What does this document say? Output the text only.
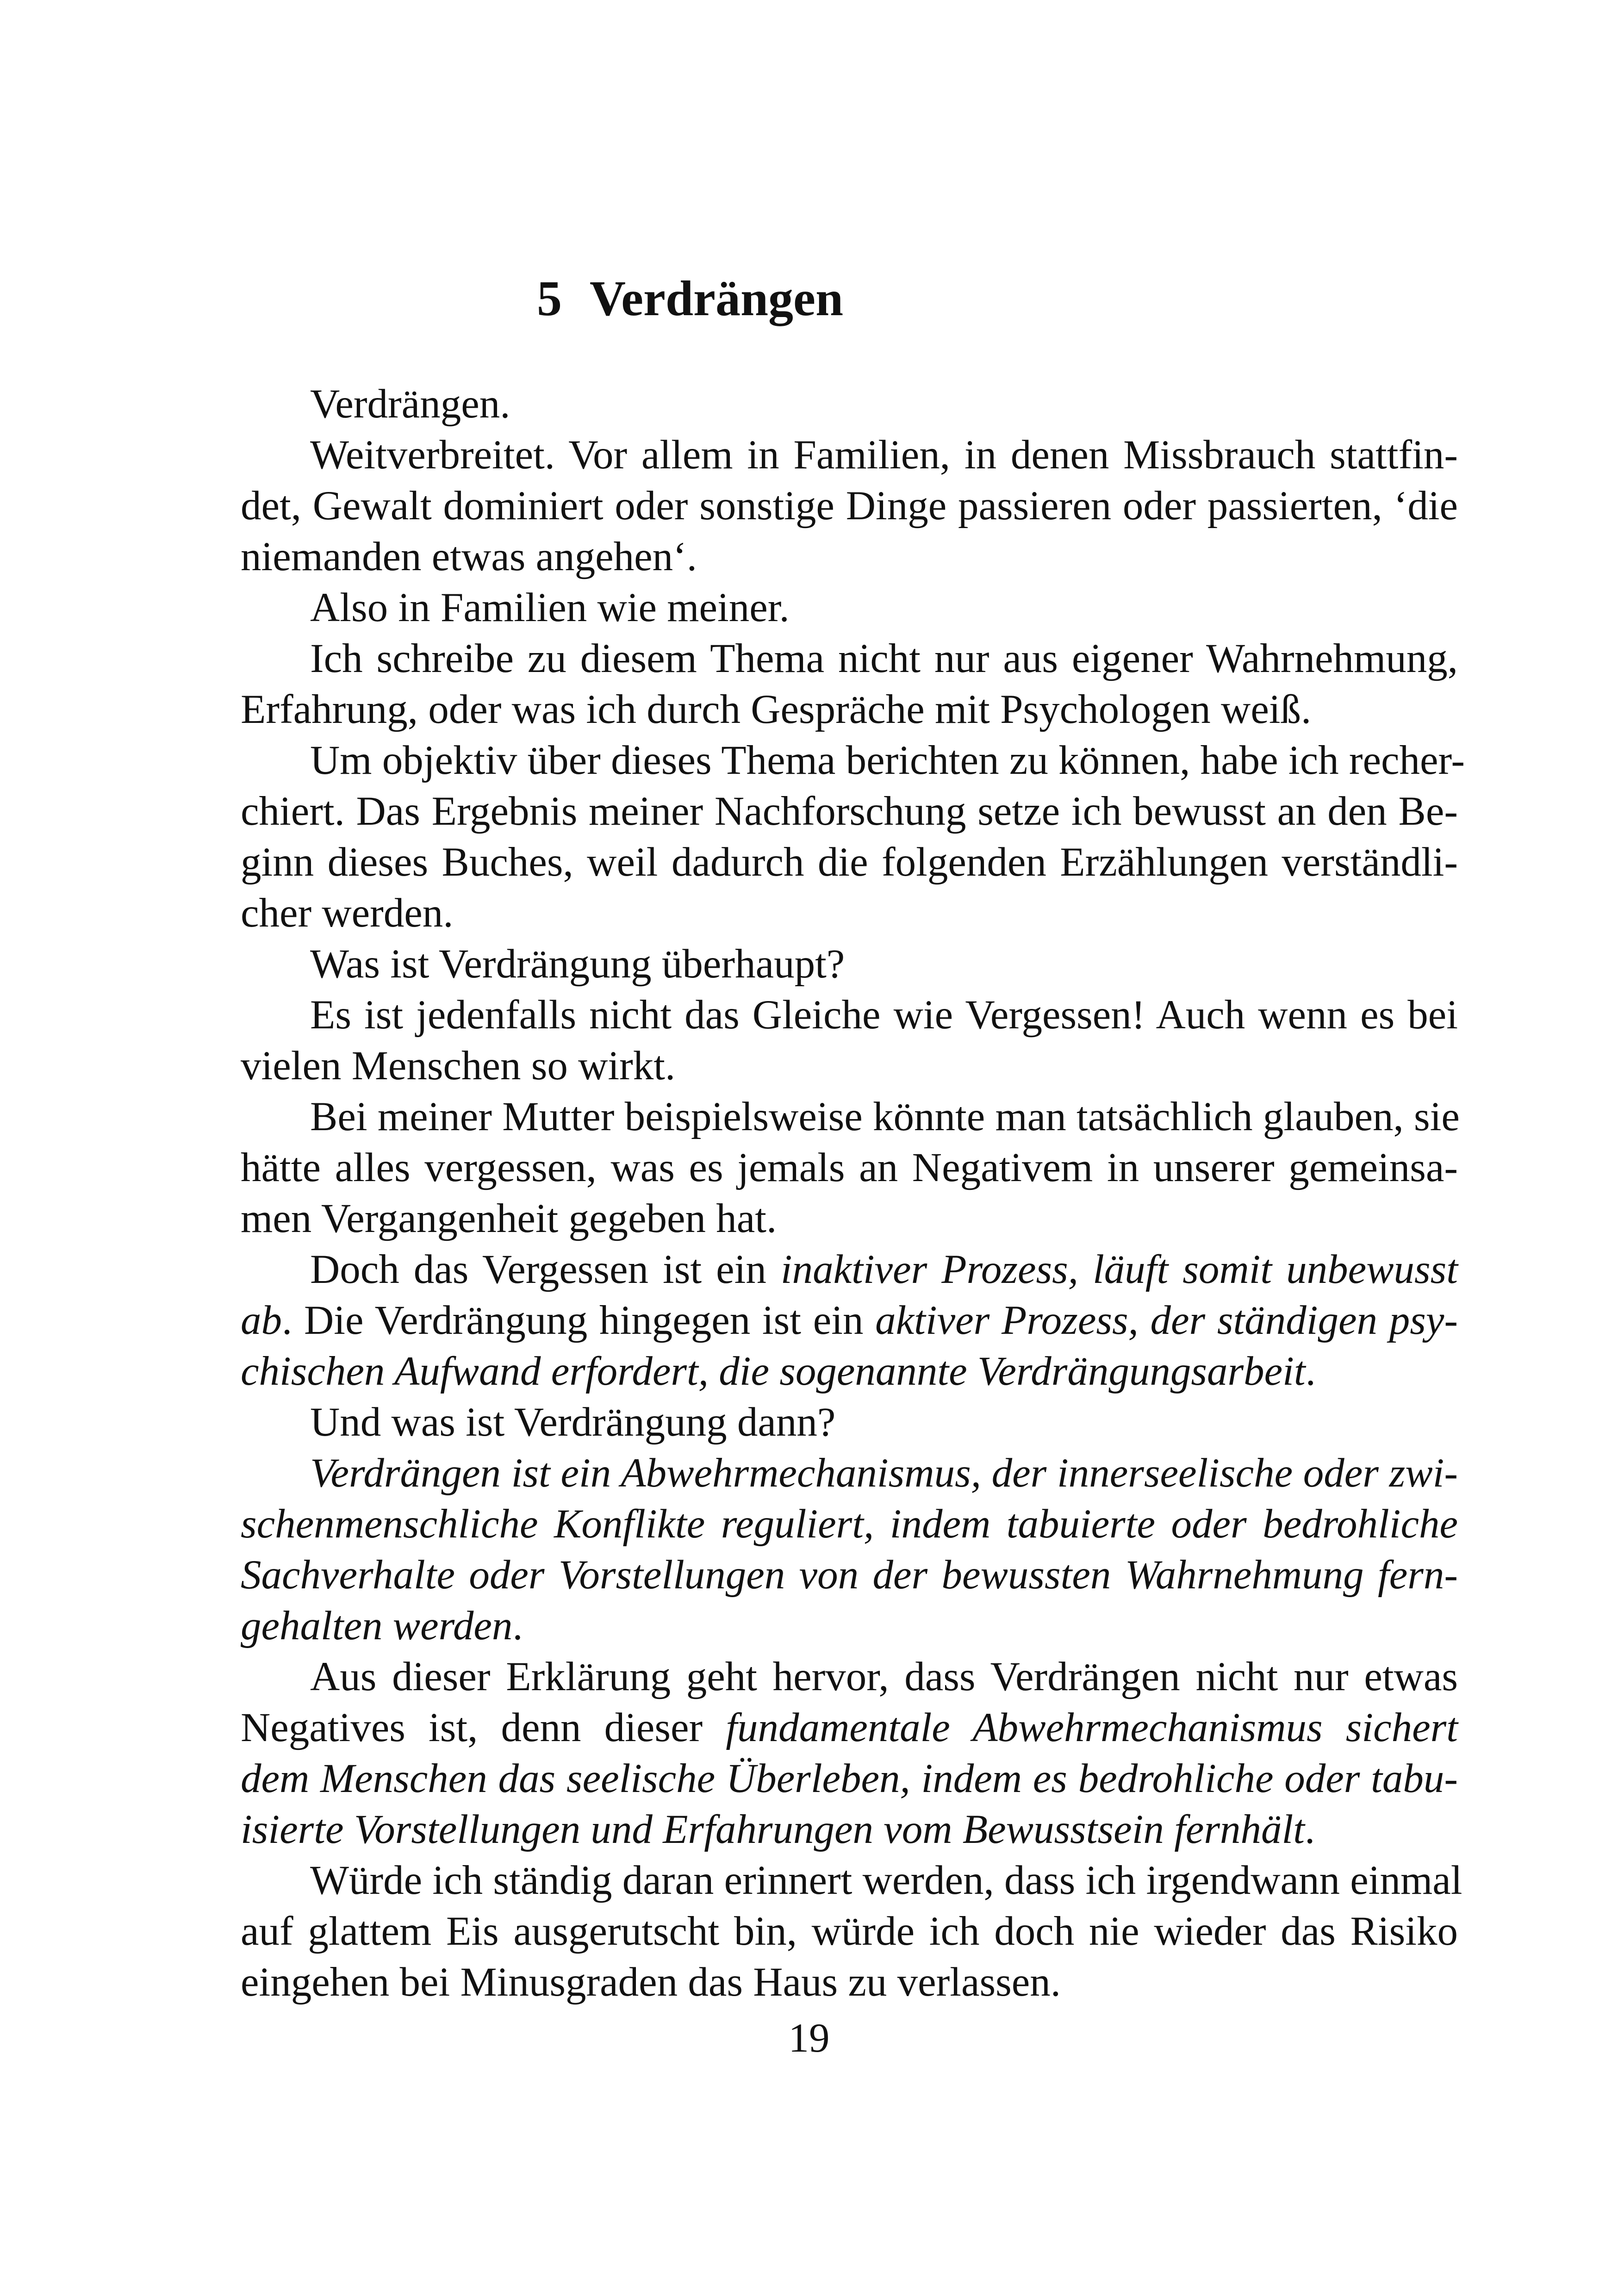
5 Verdrängen
Verdrängen.
Weitverbreitet. Vor allem in Familien, in denen Missbrauch stattfin-
det, Gewalt dominiert oder sonstige Dinge passieren oder passierten, ‘die
niemanden etwas angehen‘.
Also in Familien wie meiner.
Ich schreibe zu diesem Thema nicht nur aus eigener Wahrnehmung,
Erfahrung, oder was ich durch Gespräche mit Psychologen weiß.
Um objektiv über dieses Thema berichten zu können, habe ich recher-
chiert. Das Ergebnis meiner Nachforschung setze ich bewusst an den Be-
ginn dieses Buches, weil dadurch die folgenden Erzählungen verständli-
cher werden.
Was ist Verdrängung überhaupt?
Es ist jedenfalls nicht das Gleiche wie Vergessen! Auch wenn es bei
vielen Menschen so wirkt.
Bei meiner Mutter beispielsweise könnte man tatsächlich glauben, sie
hätte alles vergessen, was es jemals an Negativem in unserer gemeinsa-
men Vergangenheit gegeben hat.
Doch das Vergessen ist ein inaktiver Prozess, läuft somit unbewusst
ab. Die Verdrängung hingegen ist ein aktiver Prozess, der ständigen psy-
chischen Aufwand erfordert, die sogenannte Verdrängungsarbeit.
Und was ist Verdrängung dann?
Verdrängen ist ein Abwehrmechanismus, der innerseelische oder zwi-
schenmenschliche Konflikte reguliert, indem tabuierte oder bedrohliche
Sachverhalte oder Vorstellungen von der bewussten Wahrnehmung fern-
gehalten werden.
Aus dieser Erklärung geht hervor, dass Verdrängen nicht nur etwas
Negatives ist, denn dieser fundamentale Abwehrmechanismus sichert
dem Menschen das seelische Überleben, indem es bedrohliche oder tabu-
isierte Vorstellungen und Erfahrungen vom Bewusstsein fernhält.
Würde ich ständig daran erinnert werden, dass ich irgendwann einmal
auf glattem Eis ausgerutscht bin, würde ich doch nie wieder das Risiko
eingehen bei Minusgraden das Haus zu verlassen.
19
